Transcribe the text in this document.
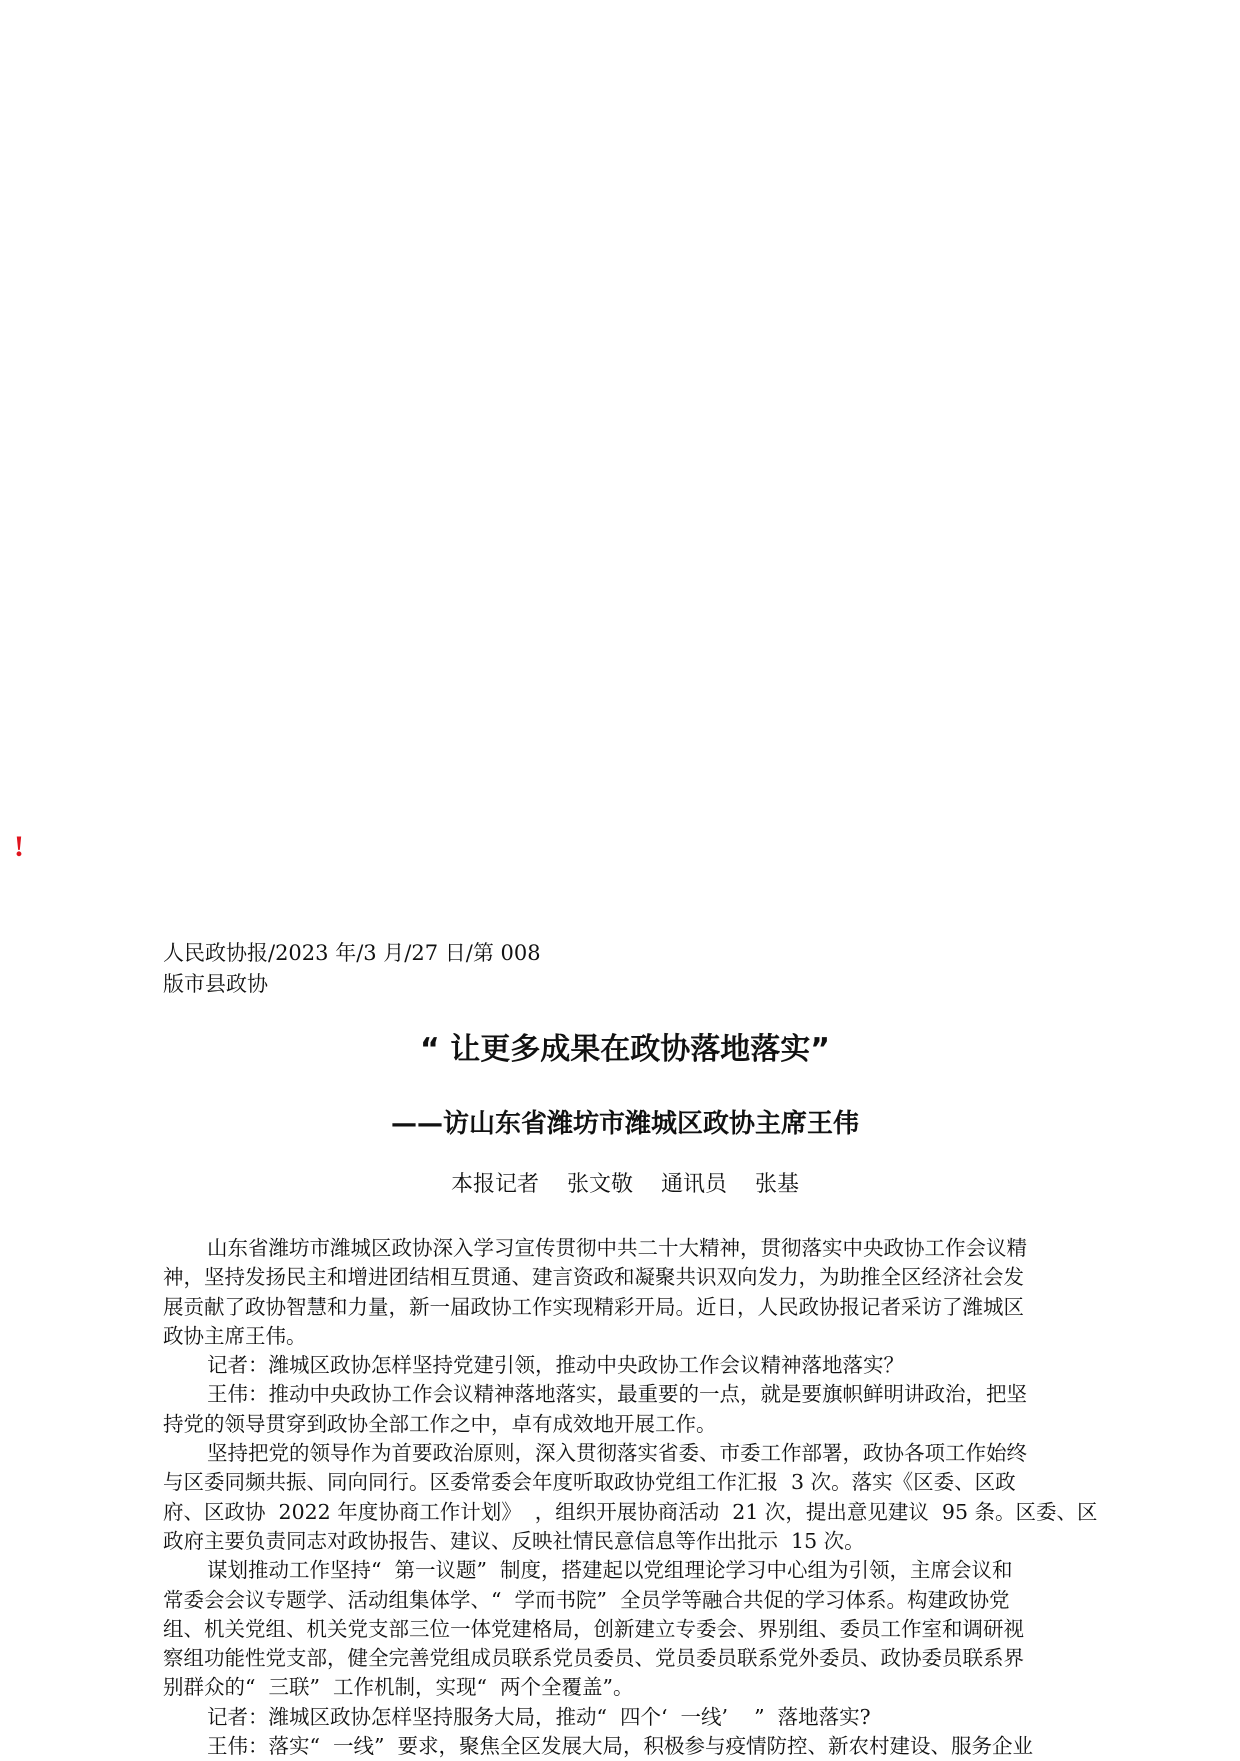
!
人民政协报/2023 年/3 月/27 日/第 008
版市县政协
“ 让更多成果在政协落地落实”
——访山东省潍坊市潍城区政协主席王伟
本报记者    张文敬    通讯员    张基
山东省潍坊市潍城区政协深入学习宣传贯彻中共二十大精神，贯彻落实中央政协工作会议精
神，坚持发扬民主和增进团结相互贯通、建言资政和凝聚共识双向发力，为助推全区经济社会发
展贡献了政协智慧和力量，新一届政协工作实现精彩开局。近日，人民政协报记者采访了潍城区
政协主席王伟。
记者：潍城区政协怎样坚持党建引领，推动中央政协工作会议精神落地落实？
王伟：推动中央政协工作会议精神落地落实，最重要的一点，就是要旗帜鲜明讲政治，把坚
持党的领导贯穿到政协全部工作之中，卓有成效地开展工作。
坚持把党的领导作为首要政治原则，深入贯彻落实省委、市委工作部署，政协各项工作始终
与区委同频共振、同向同行。区委常委会年度听取政协党组工作汇报  3 次。落实《区委、区政
府、区政协  2022 年度协商工作计划》  ，组织开展协商活动  21 次，提出意见建议  95 条。区委、区
政府主要负责同志对政协报告、建议、反映社情民意信息等作出批示  15 次。
谋划推动工作坚持“  第一议题”  制度，搭建起以党组理论学习中心组为引领，主席会议和
常委会会议专题学、活动组集体学、“  学而书院”  全员学等融合共促的学习体系。构建政协党
组、机关党组、机关党支部三位一体党建格局，创新建立专委会、界别组、委员工作室和调研视
察组功能性党支部，健全完善党组成员联系党员委员、党员委员联系党外委员、政协委员联系界
别群众的“  三联”  工作机制，实现“  两个全覆盖”。
记者：潍城区政协怎样坚持服务大局，推动“  四个‘  一线’    ”  落地落实?
王伟：落实“  一线”  要求，聚焦全区发展大局，积极参与疫情防控、新农村建设、服务企业
